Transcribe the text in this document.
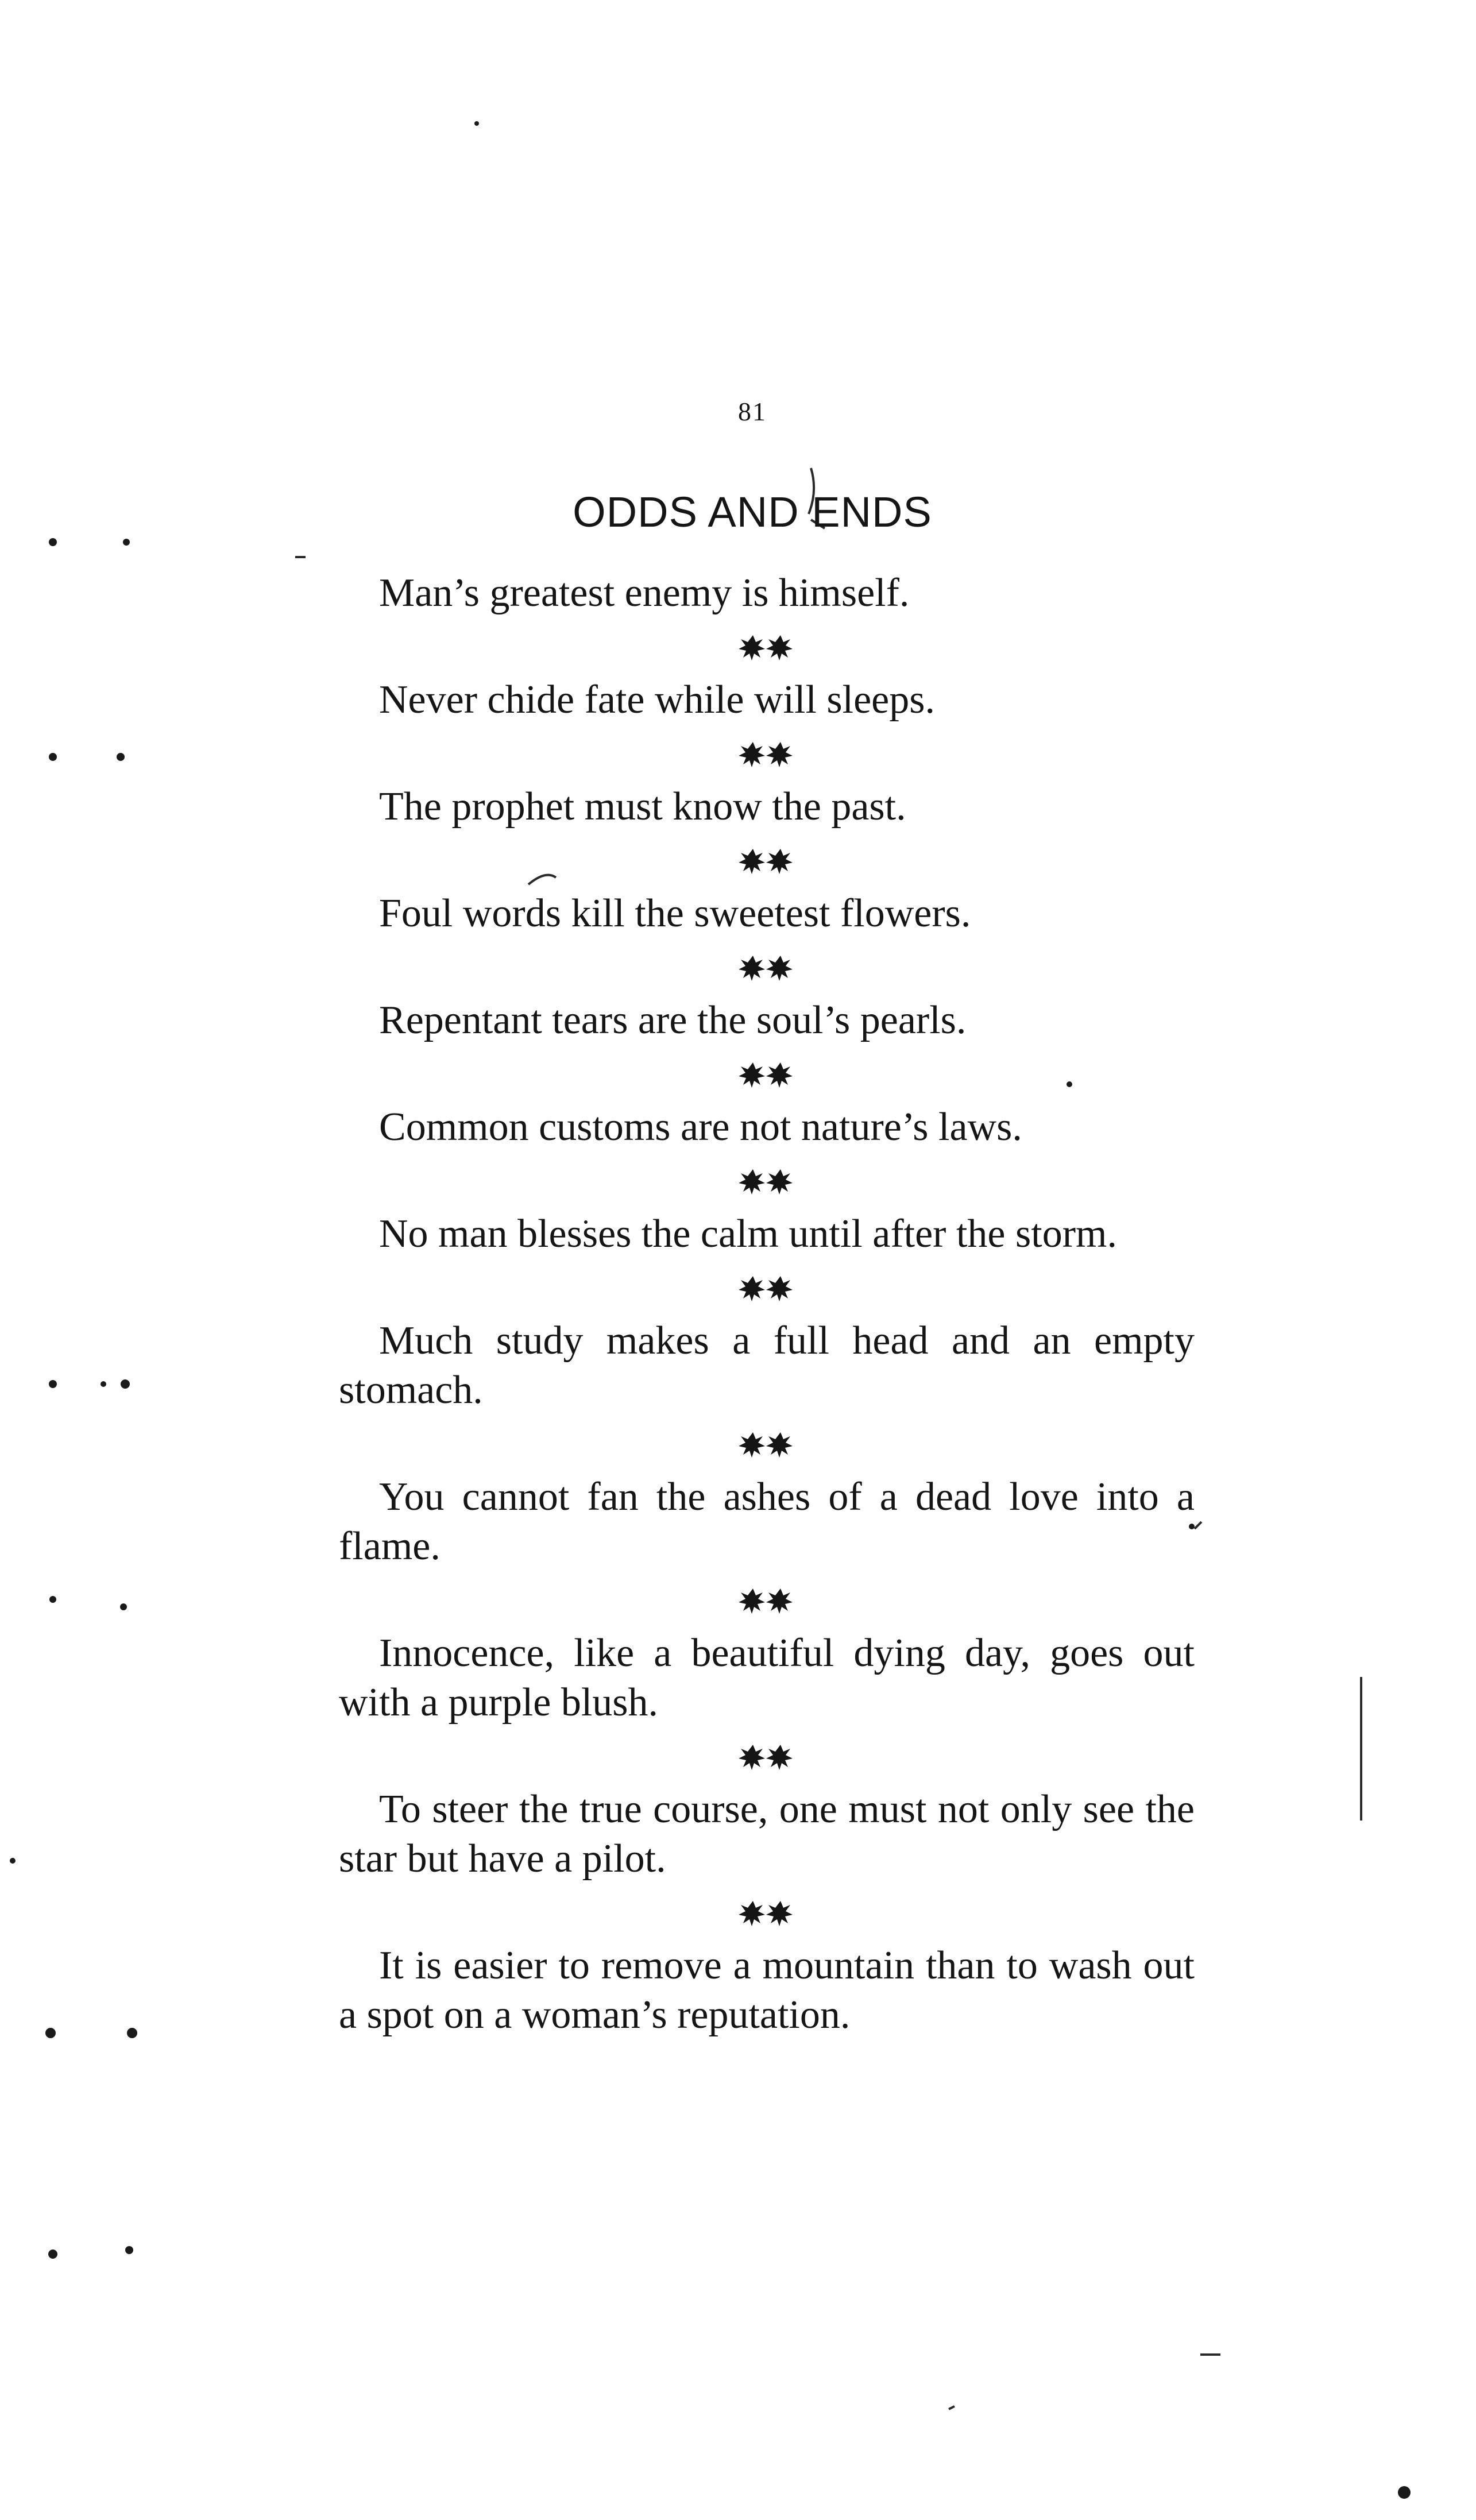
81
ODDS AND ENDS

Man’s greatest enemy is himself.

Never chide fate while will sleeps.

The prophet must know the past.

Foul words kill the sweetest flowers.

Repentant tears are the soul’s pearls.

Common customs are not nature’s laws.

No man blesses the calm until after the storm.

Much study makes a full head and an empty stomach.

You cannot fan the ashes of a dead love into a flame.

Innocence, like a beautiful dying day, goes out with a purple blush.

To steer the true course, one must not only see the star but have a pilot.

It is easier to remove a mountain than to wash out a spot on a woman’s reputation.
